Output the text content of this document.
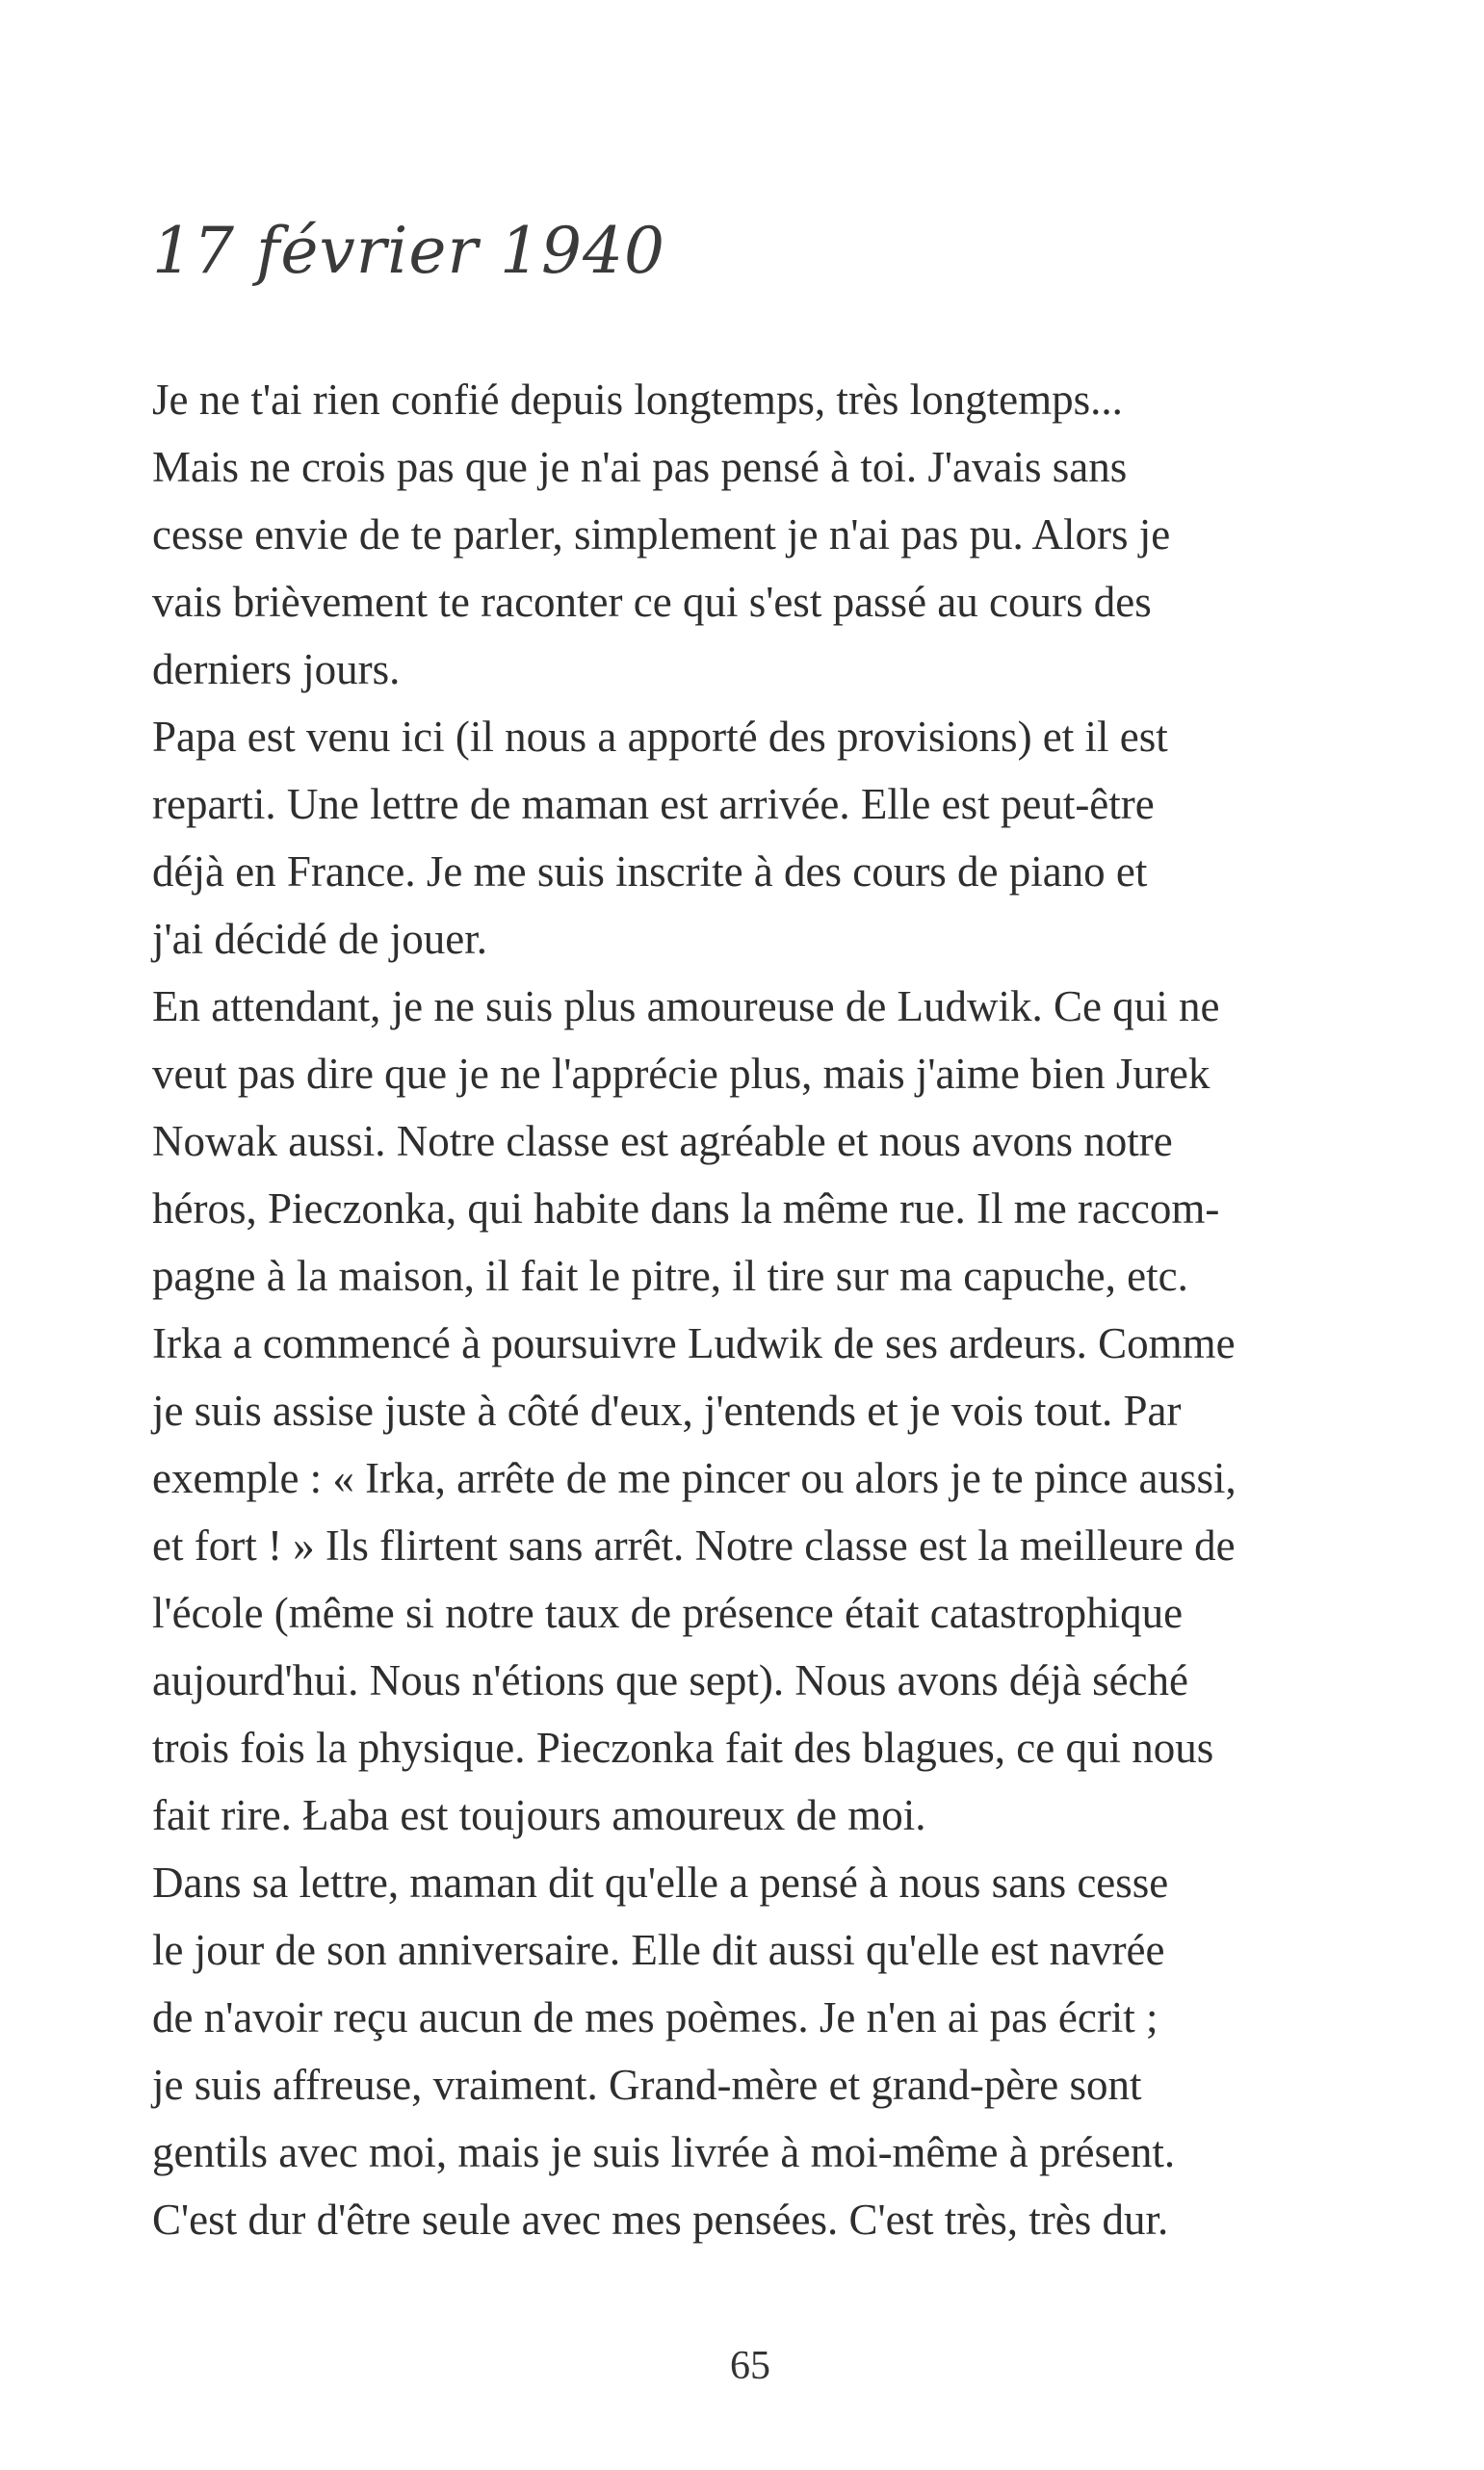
17 février 1940
Je ne t'ai rien confié depuis longtemps, très longtemps...
Mais ne crois pas que je n'ai pas pensé à toi. J'avais sans
cesse envie de te parler, simplement je n'ai pas pu. Alors je
vais brièvement te raconter ce qui s'est passé au cours des
derniers jours.
Papa est venu ici (il nous a apporté des provisions) et il est
reparti. Une lettre de maman est arrivée. Elle est peut-être
déjà en France. Je me suis inscrite à des cours de piano et
j'ai décidé de jouer.
En attendant, je ne suis plus amoureuse de Ludwik. Ce qui ne
veut pas dire que je ne l'apprécie plus, mais j'aime bien Jurek
Nowak aussi. Notre classe est agréable et nous avons notre
héros, Pieczonka, qui habite dans la même rue. Il me raccom-
pagne à la maison, il fait le pitre, il tire sur ma capuche, etc.
Irka a commencé à poursuivre Ludwik de ses ardeurs. Comme
je suis assise juste à côté d'eux, j'entends et je vois tout. Par
exemple : « Irka, arrête de me pincer ou alors je te pince aussi,
et fort ! » Ils flirtent sans arrêt. Notre classe est la meilleure de
l'école (même si notre taux de présence était catastrophique
aujourd'hui. Nous n'étions que sept). Nous avons déjà séché
trois fois la physique. Pieczonka fait des blagues, ce qui nous
fait rire. Łaba est toujours amoureux de moi.
Dans sa lettre, maman dit qu'elle a pensé à nous sans cesse
le jour de son anniversaire. Elle dit aussi qu'elle est navrée
de n'avoir reçu aucun de mes poèmes. Je n'en ai pas écrit ;
je suis affreuse, vraiment. Grand-mère et grand-père sont
gentils avec moi, mais je suis livrée à moi-même à présent.
C'est dur d'être seule avec mes pensées. C'est très, très dur.
65
